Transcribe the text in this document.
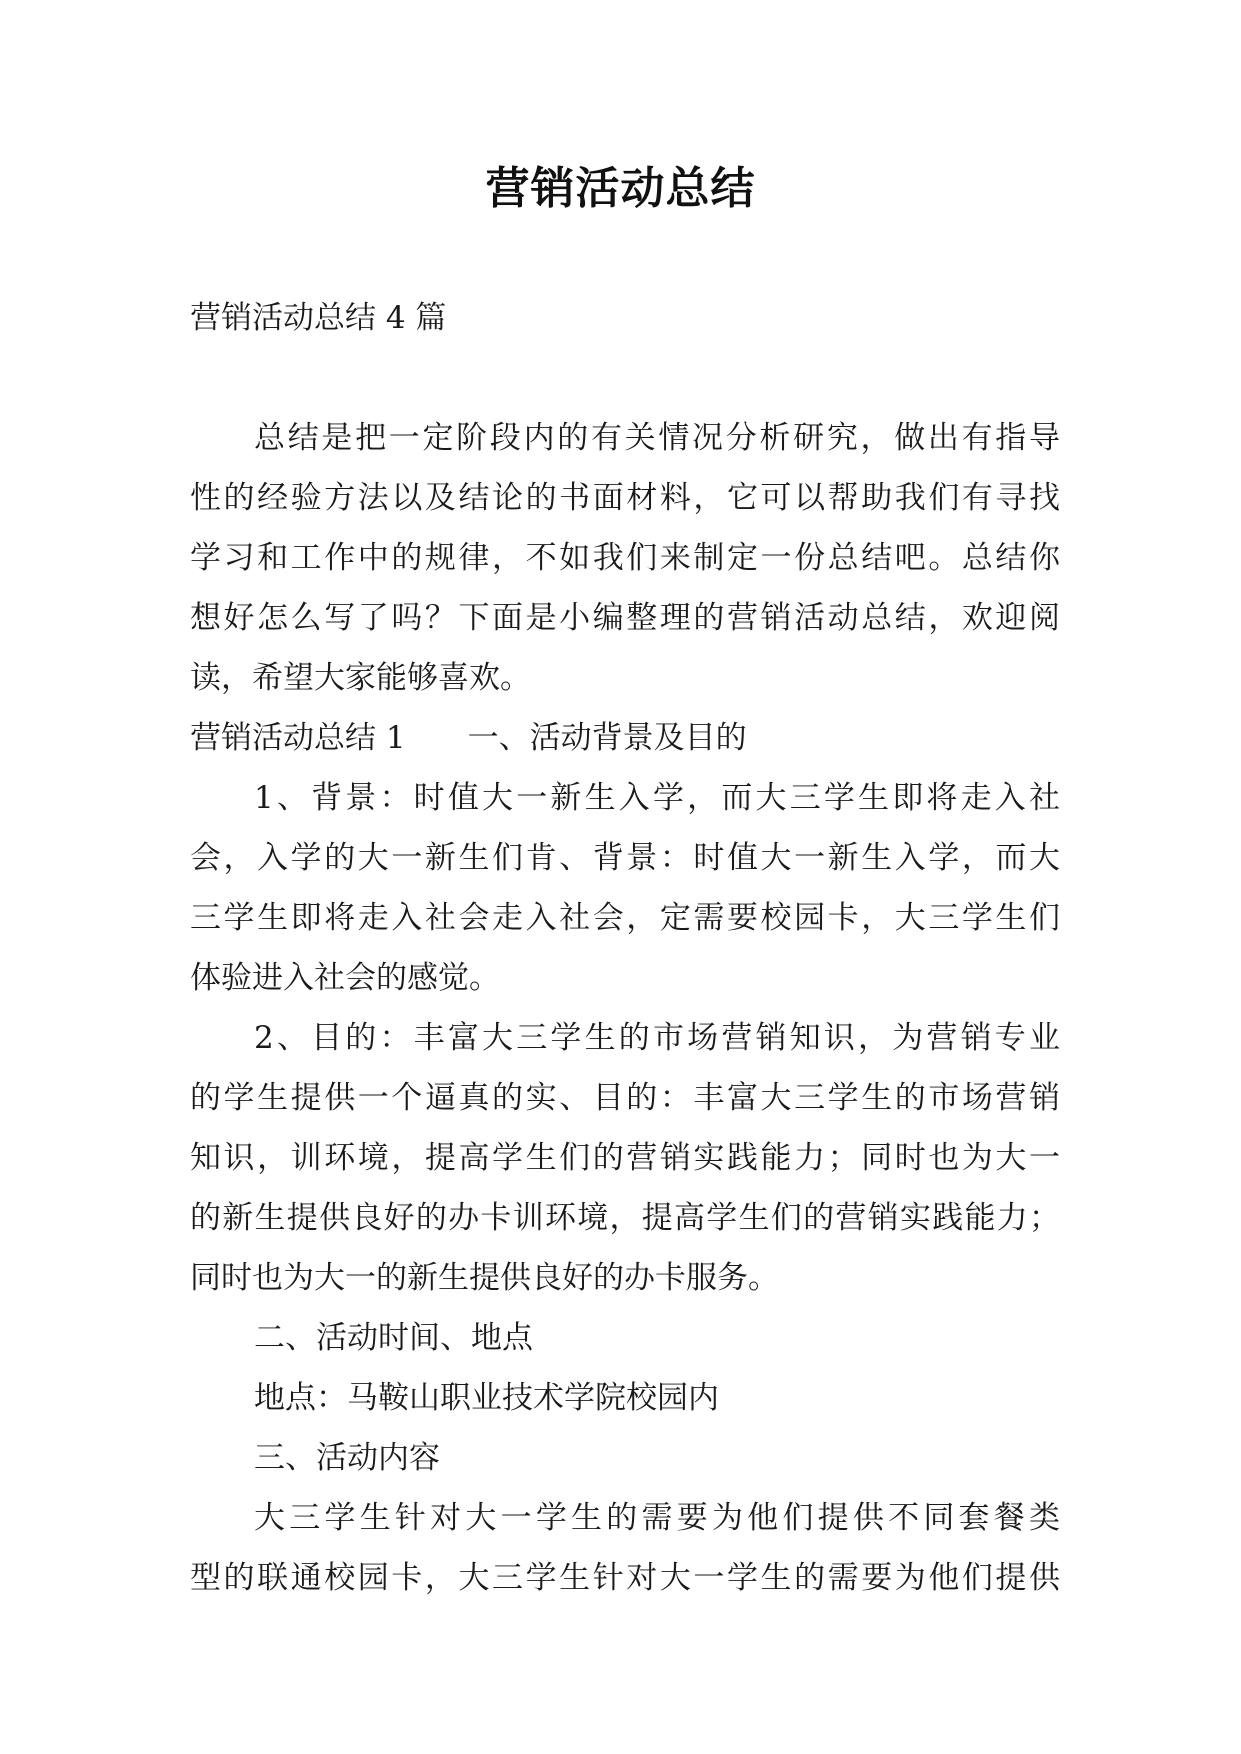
营销活动总结
营销活动总结 4 篇
总结是把一定阶段内的有关情况分析研究，做出有指导
性的经验方法以及结论的书面材料，它可以帮助我们有寻找
学习和工作中的规律，不如我们来制定一份总结吧。总结你
想好怎么写了吗？下面是小编整理的营销活动总结，欢迎阅
读，希望大家能够喜欢。
营销活动总结 1　　一、活动背景及目的
1、背景：时值大一新生入学，而大三学生即将走入社
会，入学的大一新生们肯、背景：时值大一新生入学，而大
三学生即将走入社会走入社会，定需要校园卡，大三学生们
体验进入社会的感觉。
2、目的：丰富大三学生的市场营销知识，为营销专业
的学生提供一个逼真的实、目的：丰富大三学生的市场营销
知识，训环境，提高学生们的营销实践能力；同时也为大一
的新生提供良好的办卡训环境，提高学生们的营销实践能力；
同时也为大一的新生提供良好的办卡服务。
二、活动时间、地点
地点：马鞍山职业技术学院校园内
三、活动内容
大三学生针对大一学生的需要为他们提供不同套餐类
型的联通校园卡，大三学生针对大一学生的需要为他们提供
